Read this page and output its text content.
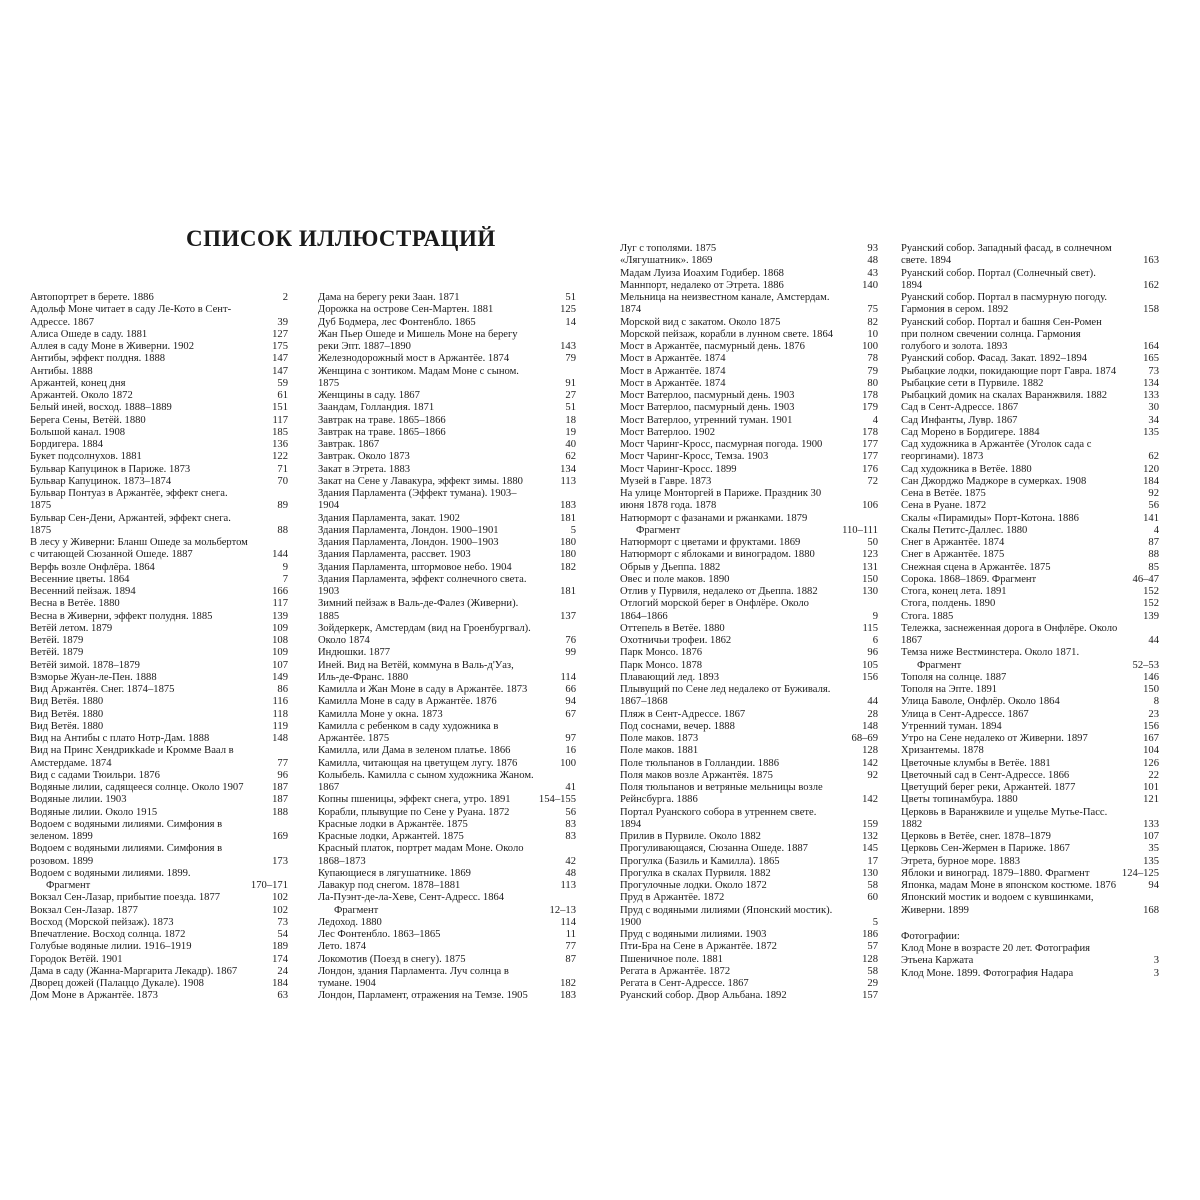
СПИСОК ИЛЛЮСТРАЦИЙ
Автопортрет в берете. 1886	2
Адольф Моне читает в саду Ле-Кото в Сент-Адрессе. 1867	39
Алиса Ошеде в саду. 1881	127
Аллея в саду Моне в Живерни. 1902	175
Антибы, эффект полдня. 1888	147
Антибы. 1888	147
Аржантей, конец дня	59
Аржантей. Около 1872	61
Белый иней, восход. 1888–1889	151
Берега Сены, Ветёй. 1880	117
Большой канал. 1908	185
Бордигера. 1884	136
Букет подсолнухов. 1881	122
Бульвар Капуцинок в Париже. 1873	71
Бульвар Капуцинок. 1873–1874	70
Бульвар Понтуаз в Аржантёе, эффект снега. 1875	89
Бульвар Сен-Дени, Аржантей, эффект снега. 1875	88
В лесу у Живерни: Бланш Ошеде за мольбертом с читающей Сюзанной Ошеде. 1887	144
Верфь возле Онфлёра. 1864	9
Весенние цветы. 1864	7
Весенний пейзаж. 1894	166
Весна в Ветёе. 1880	117
Весна в Живерни, эффект полудня. 1885	139
Ветёй летом. 1879	109
Ветёй. 1879	108
Ветёй. 1879	109
Ветёй зимой. 1878–1879	107
Взморье Жуан-ле-Пен. 1888	149
Вид Аржантёя. Снег. 1874–1875	86
Вид Ветёя. 1880	116
Вид Ветёя. 1880	118
Вид Ветёя. 1880	119
Вид на Антибы с плато Нотр-Дам. 1888	148
Вид на Принс Хендрикkade и Кромме Ваал в Амстердаме. 1874	77
Вид с садами Тюильри. 1876	96
Водяные лилии, садящееся солнце. Около 1907	187
Водяные лилии. 1903	187
Водяные лилии. Около 1915	188
Водоем с водяными лилиями. Симфония в зеленом. 1899	169
Водоем с водяными лилиями. Симфония в розовом. 1899	173
Водоем с водяными лилиями. 1899.
Фрагмент	170–171
Вокзал Сен-Лазар, прибытие поезда. 1877	102
Вокзал Сен-Лазар. 1877	102
Восход (Морской пейзаж). 1873	73
Впечатление. Восход солнца. 1872	54
Голубые водяные лилии. 1916–1919	189
Городок Ветёй. 1901	174
Дама в саду (Жанна-Маргарита Лекадр). 1867	24
Дворец дожей (Палаццо Дукале). 1908	184
Дом Моне в Аржантёе. 1873	63
Дама на берегу реки Заан. 1871	51
Дорожка на острове Сен-Мартен. 1881	125
Дуб Бодмера, лес Фонтенбло. 1865	14
Жан Пьер Ошеде и Мишель Моне на берегу реки Эпт. 1887–1890	143
Железнодорожный мост в Аржантёе. 1874	79
Женщина с зонтиком. Мадам Моне с сыном. 1875	91
Женщины в саду. 1867	27
Заандам, Голландия. 1871	51
Завтрак на траве. 1865–1866	18
Завтрак на траве. 1865–1866	19
Завтрак. 1867	40
Завтрак. Около 1873	62
Закат в Этрета. 1883	134
Закат на Сене у Лавакура, эффект зимы. 1880	113
Здания Парламента (Эффект тумана). 1903–1904	183
Здания Парламента, закат. 1902	181
Здания Парламента, Лондон. 1900–1901	5
Здания Парламента, Лондон. 1900–1903	180
Здания Парламента, рассвет. 1903	180
Здания Парламента, штормовое небо. 1904	182
Здания Парламента, эффект солнечного света. 1903	181
Зимний пейзаж в Валь-де-Фалез (Живерни). 1885	137
Зойдеркерк, Амстердам (вид на Гроенбургвал). Около 1874	76
Индюшки. 1877	99
Иней. Вид на Ветёй, коммуна в Валь-д'Уаз, Иль-де-Франс. 1880	114
Камилла и Жан Моне в саду в Аржантёе. 1873	66
Камилла Моне в саду в Аржантёе. 1876	94
Камилла Моне у окна. 1873	67
Камилла с ребенком в саду художника в Аржантёе. 1875	97
Камилла, или Дама в зеленом платье. 1866	16
Камилла, читающая на цветущем лугу. 1876	100
Колыбель. Камилла с сыном художника Жаном. 1867	41
Копны пшеницы, эффект снега, утро. 1891	154–155
Корабли, плывущие по Сене у Руана. 1872	56
Красные лодки в Аржантёе. 1875	83
Красные лодки, Аржантей. 1875	83
Красный платок, портрет мадам Моне. Около 1868–1873	42
Купающиеся в лягушатнике. 1869	48
Лавакур под снегом. 1878–1881	113
Ла-Пуэнт-де-ла-Хеве, Сент-Адресс. 1864
Фрагмент	12–13
Ледоход. 1880	114
Лес Фонтенбло. 1863–1865	11
Лето. 1874	77
Локомотив (Поезд в снегу). 1875	87
Лондон, здания Парламента. Луч солнца в тумане. 1904	182
Лондон, Парламент, отражения на Темзе. 1905	183
Луг с тополями. 1875	93
«Лягушатник». 1869	48
Мадам Луиза Иоахим Годибер. 1868	43
Маннпорт, недалеко от Этрета. 1886	140
Мельница на неизвестном канале, Амстердам. 1874	75
Морской вид с закатом. Около 1875	82
Морской пейзаж, корабли в лунном свете. 1864	10
Мост в Аржантёе, пасмурный день. 1876	100
Мост в Аржантёе. 1874	78
Мост в Аржантёе. 1874	79
Мост в Аржантёе. 1874	80
Мост Ватерлоо, пасмурный день. 1903	178
Мост Ватерлоо, пасмурный день. 1903	179
Мост Ватерлоо, утренний туман. 1901	4
Мост Ватерлоо. 1902	178
Мост Чаринг-Кросс, пасмурная погода. 1900	177
Мост Чаринг-Кросс, Темза. 1903	177
Мост Чаринг-Кросс. 1899	176
Музей в Гавре. 1873	72
На улице Монторгей в Париже. Праздник 30 июня 1878 года. 1878	106
Натюрморт с фазанами и ржанками. 1879
Фрагмент	110–111
Натюрморт с цветами и фруктами. 1869	50
Натюрморт с яблоками и виноградом. 1880	123
Обрыв у Дьеппа. 1882	131
Овес и поле маков. 1890	150
Отлив у Пурвиля, недалеко от Дьеппа. 1882	130
Отлогий морской берег в Онфлёре. Около 1864–1866	9
Оттепель в Ветёе. 1880	115
Охотничьи трофеи. 1862	6
Парк Монсо. 1876	96
Парк Монсо. 1878	105
Плавающий лед. 1893	156
Плывущий по Сене лед недалеко от Буживаля. 1867–1868	44
Пляж в Сент-Адрессе. 1867	28
Под соснами, вечер. 1888	148
Поле маков. 1873	68–69
Поле маков. 1881	128
Поле тюльпанов в Голландии. 1886	142
Поля маков возле Аржантёя. 1875	92
Поля тюльпанов и ветряные мельницы возле Рейнсбурга. 1886	142
Портал Руанского собора в утреннем свете. 1894	159
Прилив в Пурвиле. Около 1882	132
Прогуливающаяся, Сюзанна Ошеде. 1887	145
Прогулка (Базиль и Камилла). 1865	17
Прогулка в скалах Пурвиля. 1882	130
Прогулочные лодки. Около 1872	58
Пруд в Аржантёе. 1872	60
Пруд с водяными лилиями (Японский мостик). 1900	5
Пруд с водяными лилиями. 1903	186
Пти-Бра на Сене в Аржантёе. 1872	57
Пшеничное поле. 1881	128
Регата в Аржантёе. 1872	58
Регата в Сент-Адрессе. 1867	29
Руанский собор. Двор Альбана. 1892	157
Руанский собор. Западный фасад, в солнечном свете. 1894	163
Руанский собор. Портал (Солнечный свет). 1894	162
Руанский собор. Портал в пасмурную погоду. Гармония в сером. 1892	158
Руанский собор. Портал и башня Сен-Ромен при полном свечении солнца. Гармония голубого и золота. 1893	164
Руанский собор. Фасад. Закат. 1892–1894	165
Рыбацкие лодки, покидающие порт Гавра. 1874	73
Рыбацкие сети в Пурвиле. 1882	134
Рыбацкий домик на скалах Варанжвиля. 1882	133
Сад в Сент-Адрессе. 1867	30
Сад Инфанты, Лувр. 1867	34
Сад Морено в Бордигере. 1884	135
Сад художника в Аржантёе (Уголок сада с георгинами). 1873	62
Сад художника в Ветёе. 1880	120
Сан Джорджо Маджоре в сумерках. 1908	184
Сена в Ветёе. 1875	92
Сена в Руане. 1872	56
Скалы «Пирамиды» Порт-Котона. 1886	141
Скалы Петитс-Даллес. 1880	4
Снег в Аржантёе. 1874	87
Снег в Аржантёе. 1875	88
Снежная сцена в Аржантёе. 1875	85
Сорока. 1868–1869. Фрагмент	46–47
Стога, конец лета. 1891	152
Стога, полдень. 1890	152
Стога. 1885	139
Тележка, заснеженная дорога в Онфлёре. Около 1867	44
Темза ниже Вестминстера. Около 1871.
Фрагмент	52–53
Тополя на солнце. 1887	146
Тополя на Эпте. 1891	150
Улица Баволе, Онфлёр. Около 1864	8
Улица в Сент-Адрессе. 1867	23
Утренний туман. 1894	156
Утро на Сене недалеко от Живерни. 1897	167
Хризантемы. 1878	104
Цветочные клумбы в Ветёе. 1881	126
Цветочный сад в Сент-Адрессе. 1866	22
Цветущий берег реки, Аржантей. 1877	101
Цветы топинамбура. 1880	121
Церковь в Варанжвиле и ущелье Мутье-Пасс. 1882	133
Церковь в Ветёе, снег. 1878–1879	107
Церковь Сен-Жермен в Париже. 1867	35
Этрета, бурное море. 1883	135
Яблоки и виноград. 1879–1880. Фрагмент	124–125
Японка, мадам Моне в японском костюме. 1876	94
Японский мостик и водоем с кувшинками, Живерни. 1899	168
Фотографии:
Клод Моне в возрасте 20 лет. Фотография Этьена Каржата	3
Клод Моне. 1899. Фотография Надара	3
